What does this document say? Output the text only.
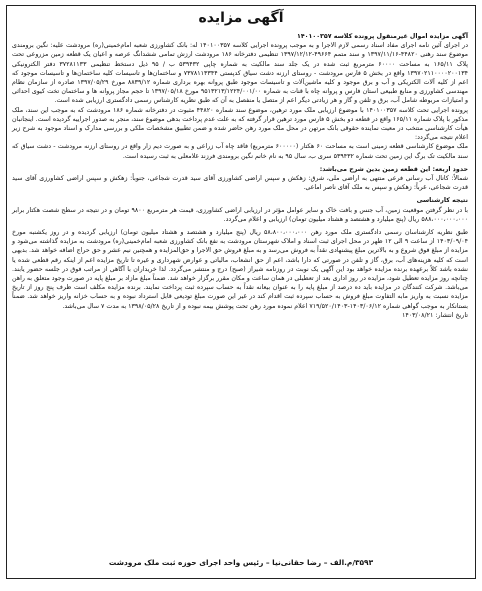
آگهی مزایده

آگهی مزایده اموال غیرمنقول پرونده کلاسه ۱۴۰۱۰۰۳۵۷

در اجرای آئین نامه اجرای مفاد اسناد رسمی لازم الاجرا و به موجب پرونده اجرایی کلاسه ۱۴۰۱۰۰۳۵۷ له: بانک کشاورزی شعبه امام‌خمینی(ره) مرودشت علیه: نگین برومندی موضوع سند رهنی ۴۴۸۲۰-۱۳۹۷/۱۱/۱۶ و سند متمم ۴۹۶۶۴-۱۳۹۷/۱۲/۱۲ تنظیمی دفترخانه ۱۸۶ مرودشت ارزش تمامی ششدانگ عرصه و اعیان یک قطعه زمین مزروعی تحت پلاک ۱۶۵/۱۱ به مساحت ۶۰۰۰۰ مترمربع ثبت شده در یک جلد سند مالکیت به شماره چاپی ۵۳۹۴۳۲ ب / ۹۵ ذیل دستخط تنظیمی ۳۷۲۸۱۱۳۳ دفتر الکترونیکی ۱۳۹۷۰۲۱۱۰۰۰۰۲۰۰۱۳۴ واقع در بخش ۵ فارس مرودشت - روستای ارزنه دشت سیاق کدپستی ۷۳۷۸۱۱۳۳۴۴ و ساختمان‌ها و تاسیسات کلیه ساختمان‌ها و تاسیسات موجود که اعم از کلیه آلات الکتریکی و آب و برق موجود و کلیه ماشین‌آلات و تاسیسات موجود طبق پروانه بهره برداری شماره ۸۸۳۹/۱۲ مورخ ۱۳۹۷/۰۵/۲۹ صادره از سازمان نظام مهندسی کشاورزی و منابع طبیعی استان فارس و پروانه چاه با قنات به شماره ۹۵۱۳۲۱۳/۱۲۲۴/۰۰۱/۰۰ مورخ ۱۳۹۷/۰۵/۱۸ تا حجم مجاز پروانه ها و ساختمان تخت کیوی احداثی و امتیازات مربوطه شامل آب، برق و تلفن و گاز و هر زیادتی دیگر اعم از متصل یا منفصل به آن که طبق نظریه کارشناس رسمی دادگستری ارزیابی شده است.

پرونده اجرایی تحت کلاسه ۱۴۰۱۰۰۳۵۷ با موضوع ارزیابی ملک مورد ترهین، موضوع سند شماره ۴۴۸۲۰ مثبوت در دفترخانه شماره ۱۸۶ مرودشت که به موجب این سند، ملک مذکور با پلاک شماره ۱۶۵/۱۱ واقع در قطعه دو بخش ۵ فارس مورد ترهین قرار گرفته که به علت عدم پرداخت بدهی موضوع سند، منجر به صدور اجراییه گردیده است. اینجانبان هیأت کارشناسی منتخب در معیت نماینده حقوقی بانک مرتهن در محل ملک مورد رهن حاضر شده و ضمن تطبیق مشخصات ملکی و بررسی مدارک و اسناد موجود به شرح زیر اعلام نتیجه می‌گردد:

ملک موضوع کارشناسی قطعه زمینی است به مساحت ۶۰ هکتار (۶۰۰۰۰۰ مترمربع) فاقد چاه آب زراعی و به صورت دیم زار واقع در روستای ارزنه مرودشت - دشت سیاق که سند مالکیت تک برگ این زمین تحت شماره ۵۳۹۴۳۲ سری ب، سال ۹۵ به نام خانم نگین برومندی فرزند غلامعلی به ثبت رسیده است.

حدود اربعه: این قطعه زمین بدین شرح می‌باشد:

شمالاً: کانال آب رسانی فرعی منتهی به اراضی ملی، شرق: زهکش و سپس اراضی کشاورزی آقای سید قدرت شجاعی، جنوباً: زهکش و سپس اراضی کشاورزی آقای سید قدرت شجاعی، غرباً: زهکش و سپس به ملک آقای ناصر اماعی.

نتیجه کارشناسی

با در نظر گرفتن موقعیت زمین، آب جنس و بافت خاک و سایر عوامل مؤثر در ارزیابی اراضی کشاورزی، قیمت هر مترمربع ۹۸۰۰ تومان و در نتیجه در سطح شصت هکتار برابر ۵۸۸،۰۰۰،۰۰۰،۰۰۰ ریال (پنج میلیارد و هشتصد و هشتاد میلیون تومان) ارزیابی و اعلام می‌گردد.

طبق نظریه کارشناسان رسمی دادگستری ملک مورد رهن ۵۸،۸۰۰،۰۰۰،۰۰۰ ریال (پنج میلیارد و هشتصد و هشتاد میلیون تومان) ارزیابی گردیده و در روز یکشنبه مورخ ۱۴۰۳/۰۹/۰۴ از ساعت ۹ الی ۱۲ ظهر در محل اجرای ثبت اسناد و املاک شهرستان مرودشت به نفع بانک کشاورزی شعبه امام‌خمینی(ره) مرودشت به مزایده گذاشته می‌شود و مزایده از مبلغ فوق شروع و به بالاترین مبلغ پیشنهادی نقداً به فروش می‌رسد و به مبلغ فروش حق الاجرا و حق‌المزایده و همچنین نیم عشر و حق حراج اضافه خواهد شد. بدیهی است که کلیه هزینه‌های آب، برق، گاز و تلفن در صورتی که دارا باشد، اعم از حق انشعاب، مالیاتی و عوارض شهرداری و غیره تا تاریخ مزایده اعم از اینکه رقم قطعی شده یا نشده باشد کلاً برعهده برنده مزایده خواهد بود این آگهی یک نوبت در روزنامه شیراز (صبح) درج و منتشر می‌گردد. لذا خریداران با آگاهی از مراتب فوق در جلسه حضور یابند. چنانچه روز مزایده تعطیل شود، مزایده در روز اداری بعد از تعطیلی در همان ساعت و مکان مقرر برگزار خواهد شد. ضمناً مبلغ مازاد بر مبلغ پایه در صورت وجود متعلق به راهن می‌باشد. شرکت کنندگان در مزایده باید ده درصد از مبلغ پایه را به عنوان بیعانه نقداً به حساب سپرده ثبت پرداخت نمایند. برنده مزایده مکلف است ظرف پنج روز از تاریخ مزایده نسبت به واریز مابه التفاوت مبلغ فروش به حساب سپرده ثبت اقدام کند در غیر این صورت مبلغ تودیعی قابل استرداد نبوده و به حساب خزانه واریز خواهد شد. ضمناً بستانکار به موجب گواهی شماره ۱۴۰۳/۰۶/۱۲-۷۱۹/۵۲۰/۱۴۰۳ اعلام نموده مورد رهن تحت پوشش بیمه نبوده و از تاریخ ۱۳۹۸/۰۵/۲۸ به مدت ۷ سال می‌باشد.

تاریخ انتشار: ۱۴۰۳/۰۸/۲۱

۳۵۹۳/م.الف – رضا حقانی‌نیا – رئیس واحد اجرای حوزه ثبت ملک مرودشت
